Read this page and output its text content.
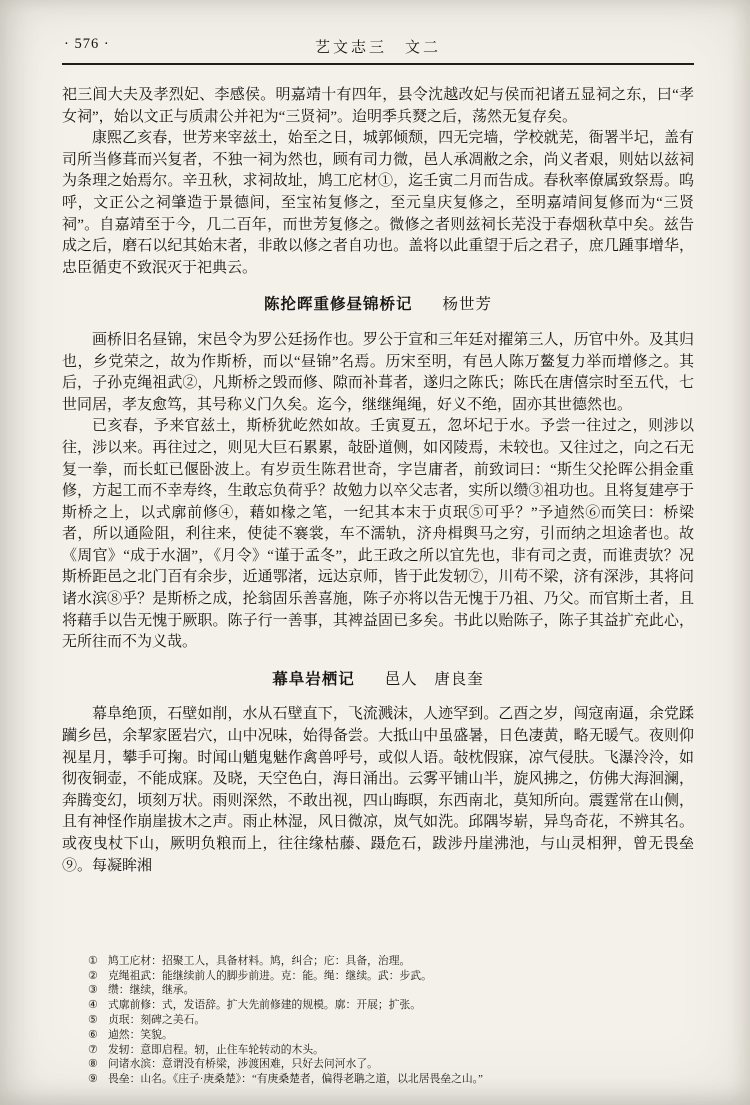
· 576 ·	艺文志三　文二

祀三闾大夫及孝烈妃、李感侯。明嘉靖十有四年，县令沈越改妃与侯而祀诸五显祠之东，曰“孝女祠”，始以文正与质肃公并祀为“三贤祠”。迨明季兵燹之后，荡然无复存矣。

康熙乙亥春，世芳来宰兹土，始至之日，城郭倾颓，四无完墙，学校就芜，衙署半圮，盖有司所当修葺而兴复者，不独一祠为然也，顾有司力微，邑人承凋敝之余，尚义者艰，则姑以兹祠为条理之始焉尔。辛丑秋，求祠故址，鸠工庀材①，迄壬寅二月而告成。春秋率僚属致祭焉。呜呼，文正公之祠肇造于景德间，至宝祐复修之，至元皇庆复修之，至明嘉靖间复修而为“三贤祠”。自嘉靖至于今，几二百年，而世芳复修之。微修之者则兹祠长芜没于春烟秋草中矣。兹告成之后，磨石以纪其始末者，非敢以修之者自功也。盖将以此重望于后之君子，庶几踵事增华，忠臣循吏不致泯灭于祀典云。

陈抡晖重修昼锦桥记 杨世芳

画桥旧名昼锦，宋邑令为罗公廷扬作也。罗公于宣和三年廷对擢第三人，历官中外。及其归也，乡党荣之，故为作斯桥，而以“昼锦”名焉。历宋至明，有邑人陈万鳌复力举而增修之。其后，子孙克绳祖武②，凡斯桥之毁而修、隙而补葺者，遂归之陈氏；陈氏在唐僖宗时至五代，七世同居，孝友愈笃，其号称义门久矣。迄今，继继绳绳，好义不绝，固亦其世德然也。

已亥春，予来官兹土，斯桥犹屹然如故。壬寅夏五，忽坏圮于水。予尝一往过之，则涉以往，涉以来。再往过之，则见大巨石累累，敧卧道侧，如冈陵焉，未较也。又往过之，向之石无复一拳，而长虹已偃卧波上。有岁贡生陈君世奇，字岂庸者，前致词曰：“斯生父抡晖公捐金重修，方起工而不幸寿终，生敢忘负荷乎？故勉力以卒父志者，实所以缵③祖功也。且将复建亭于斯桥之上，以式廓前修④，藉如椽之笔，一纪其本末于贞珉⑤可乎？”予逌然⑥而笑曰：桥梁者，所以通险阻，利往来，使徒不褰裳，车不濡轨，济舟楫舆马之穷，引而纳之坦途者也。故《周官》“成于水涸”，《月令》“谨于孟冬”，此王政之所以宜先也，非有司之责，而谁责欤？况斯桥距邑之北门百有余步，近通鄂渚，远达京师，皆于此发轫⑦，川苟不梁，济有深涉，其将问诸水滨⑧乎？是斯桥之成，抡翁固乐善喜施，陈子亦将以告无愧于乃祖、乃父。而官斯土者，且将藉手以告无愧于厥职。陈子行一善事，其裨益固已多矣。书此以贻陈子，陈子其益扩充此心，无所往而不为义哉。

幕阜岩栖记 邑人　唐良奎

幕阜绝顶，石壁如削，水从石壁直下，飞流溅沫，人迹罕到。乙酉之岁，闯寇南逼，余党蹂躏乡邑，余挈家匿岩穴，山中况味，始得备尝。大抵山中虽盛暑，日色凄黄，略无暖气。夜则仰视星月，攀手可掬。时闻山魈鬼魅作禽兽呼号，或似人语。敧枕假寐，凉气侵肤。飞瀑泠泠，如彻夜铜壶，不能成寐。及晓，天空色白，海日涌出。云雾平铺山半，旋风拂之，仿佛大海洄澜，奔腾变幻，顷刻万状。雨则深然，不敢出视，四山晦暝，东西南北，莫知所向。震霆常在山侧，且有神怪作崩崖拔木之声。雨止林湿，风日微凉，岚气如洗。邱隅岑崭，异鸟奇花，不辨其名。或夜曳杖下山，厥明负粮而上，往往缘枯藤、蹑危石，跋涉丹崖沸池，与山灵相狎，曾无畏垒⑨。每凝眸湘

① 鸠工庀材：招聚工人，具备材料。鸠，纠合；庀：具备，治理。
② 克绳祖武：能继续前人的脚步前进。克：能。绳：继续。武：步武。
③ 缵：继续，继承。
④ 式廓前修：式，发语辞。扩大先前修建的规模。廓：开展；扩张。
⑤ 贞珉：刻碑之美石。
⑥ 逌然：笑貌。
⑦ 发轫：意即启程。轫，止住车轮转动的木头。
⑧ 问诸水滨：意谓没有桥梁，涉渡困难，只好去问河水了。
⑨ 畏垒：山名。《庄子·庚桑楚》：“有庚桑楚者，偏得老聃之道，以北居畏垒之山。”
